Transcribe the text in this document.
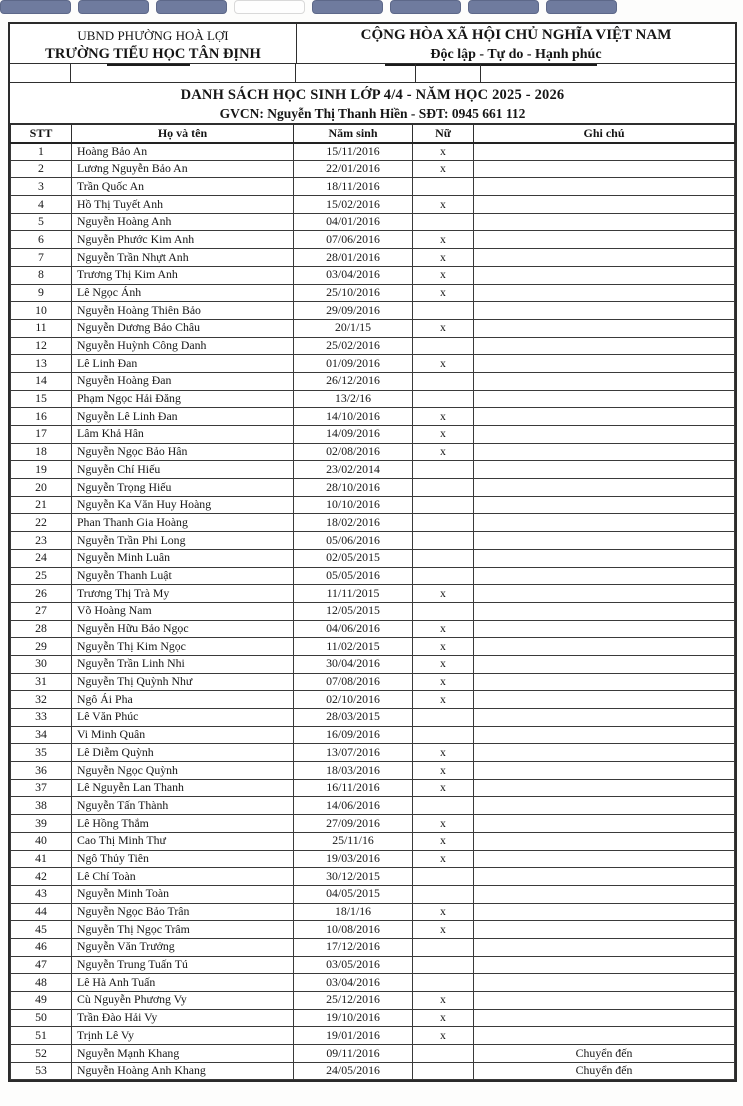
UBND PHƯỜNG HOÀ LỢI
TRƯỜNG TIỂU HỌC TÂN ĐỊNH
CỘNG HÒA XÃ HỘI CHỦ NGHĨA VIỆT NAM
Độc lập - Tự do - Hạnh phúc
DANH SÁCH HỌC SINH LỚP 4/4 - NĂM HỌC 2025 - 2026
GVCN: Nguyễn Thị Thanh Hiền - SĐT: 0945 661 112
STT	Họ và tên	Năm sinh	Nữ	Ghi chú
1	Hoàng Bảo An	15/11/2016	x	
2	Lương Nguyễn Bảo An	22/01/2016	x	
3	Trần Quốc An	18/11/2016		
4	Hồ Thị Tuyết Anh	15/02/2016	x	
5	Nguyễn Hoàng Anh	04/01/2016		
6	Nguyễn Phước Kim Anh	07/06/2016	x	
7	Nguyễn Trần Nhựt Anh	28/01/2016	x	
8	Trương Thị Kim Anh	03/04/2016	x	
9	Lê Ngọc Ánh	25/10/2016	x	
10	Nguyễn Hoàng Thiên Bảo	29/09/2016		
11	Nguyễn Dương Bảo Châu	20/1/15	x	
12	Nguyễn Huỳnh Công Danh	25/02/2016		
13	Lê Linh Đan	01/09/2016	x	
14	Nguyễn Hoàng Đan	26/12/2016		
15	Phạm Ngọc Hải Đăng	13/2/16		
16	Nguyễn Lê Linh Đan	14/10/2016	x	
17	Lâm Khả Hân	14/09/2016	x	
18	Nguyễn Ngọc Bảo Hân	02/08/2016	x	
19	Nguyễn Chí Hiếu	23/02/2014		
20	Nguyễn Trọng Hiếu	28/10/2016		
21	Nguyễn Ka Văn Huy Hoàng	10/10/2016		
22	Phan Thanh Gia Hoàng	18/02/2016		
23	Nguyễn Trần Phi Long	05/06/2016		
24	Nguyễn Minh Luân	02/05/2015		
25	Nguyễn Thanh Luật	05/05/2016		
26	Trương Thị Trà My	11/11/2015	x	
27	Võ Hoàng Nam	12/05/2015		
28	Nguyễn Hữu Bảo Ngọc	04/06/2016	x	
29	Nguyễn Thị Kim Ngọc	11/02/2015	x	
30	Nguyễn Trần Linh Nhi	30/04/2016	x	
31	Nguyễn Thị Quỳnh Như	07/08/2016	x	
32	Ngô Ái Pha	02/10/2016	x	
33	Lê Văn Phúc	28/03/2015		
34	Vi Minh Quân	16/09/2016		
35	Lê Diễm Quỳnh	13/07/2016	x	
36	Nguyễn Ngọc Quỳnh	18/03/2016	x	
37	Lê Nguyễn Lan Thanh	16/11/2016	x	
38	Nguyễn Tấn Thành	14/06/2016		
39	Lê Hồng Thắm	27/09/2016	x	
40	Cao Thị Minh Thư	25/11/16	x	
41	Ngô Thủy Tiên	19/03/2016	x	
42	Lê Chí Toàn	30/12/2015		
43	Nguyễn Minh Toàn	04/05/2015		
44	Nguyễn Ngọc Bảo Trân	18/1/16	x	
45	Nguyễn Thị Ngọc Trâm	10/08/2016	x	
46	Nguyễn Văn Trưởng	17/12/2016		
47	Nguyễn Trung Tuấn Tú	03/05/2016		
48	Lê Hà Anh Tuấn	03/04/2016		
49	Cù Nguyễn Phương Vy	25/12/2016	x	
50	Trần Đào Hải Vy	19/10/2016	x	
51	Trịnh Lê Vy	19/01/2016	x	
52	Nguyễn Mạnh Khang	09/11/2016		Chuyển đến
53	Nguyễn Hoàng Anh Khang	24/05/2016		Chuyển đến
